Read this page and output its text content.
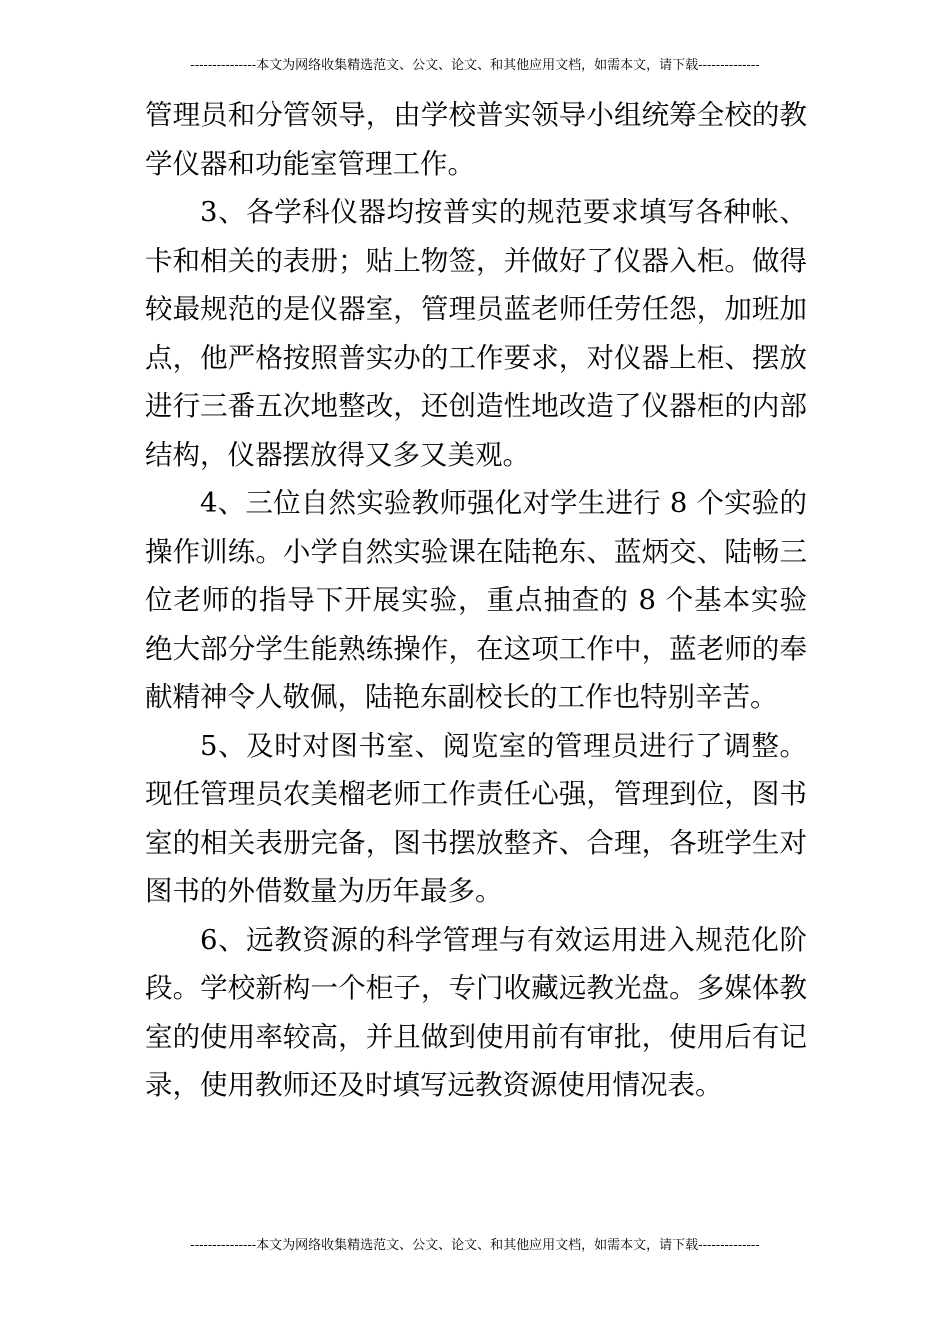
---------------本文为网络收集精选范文、公文、论文、和其他应用文档，如需本文，请下载--------------

管理员和分管领导，由学校普实领导小组统筹全校的教学仪器和功能室管理工作。

3、各学科仪器均按普实的规范要求填写各种帐、卡和相关的表册；贴上物签，并做好了仪器入柜。做得较最规范的是仪器室，管理员蓝老师任劳任怨，加班加点，他严格按照普实办的工作要求，对仪器上柜、摆放进行三番五次地整改，还创造性地改造了仪器柜的内部结构，仪器摆放得又多又美观。

4、三位自然实验教师强化对学生进行 8 个实验的操作训练。小学自然实验课在陆艳东、蓝炳交、陆畅三位老师的指导下开展实验，重点抽查的 8 个基本实验绝大部分学生能熟练操作，在这项工作中，蓝老师的奉献精神令人敬佩，陆艳东副校长的工作也特别辛苦。

5、及时对图书室、阅览室的管理员进行了调整。现任管理员农美榴老师工作责任心强，管理到位，图书室的相关表册完备，图书摆放整齐、合理，各班学生对图书的外借数量为历年最多。

6、远教资源的科学管理与有效运用进入规范化阶段。学校新构一个柜子，专门收藏远教光盘。多媒体教室的使用率较高，并且做到使用前有审批，使用后有记录，使用教师还及时填写远教资源使用情况表。

---------------本文为网络收集精选范文、公文、论文、和其他应用文档，如需本文，请下载--------------
